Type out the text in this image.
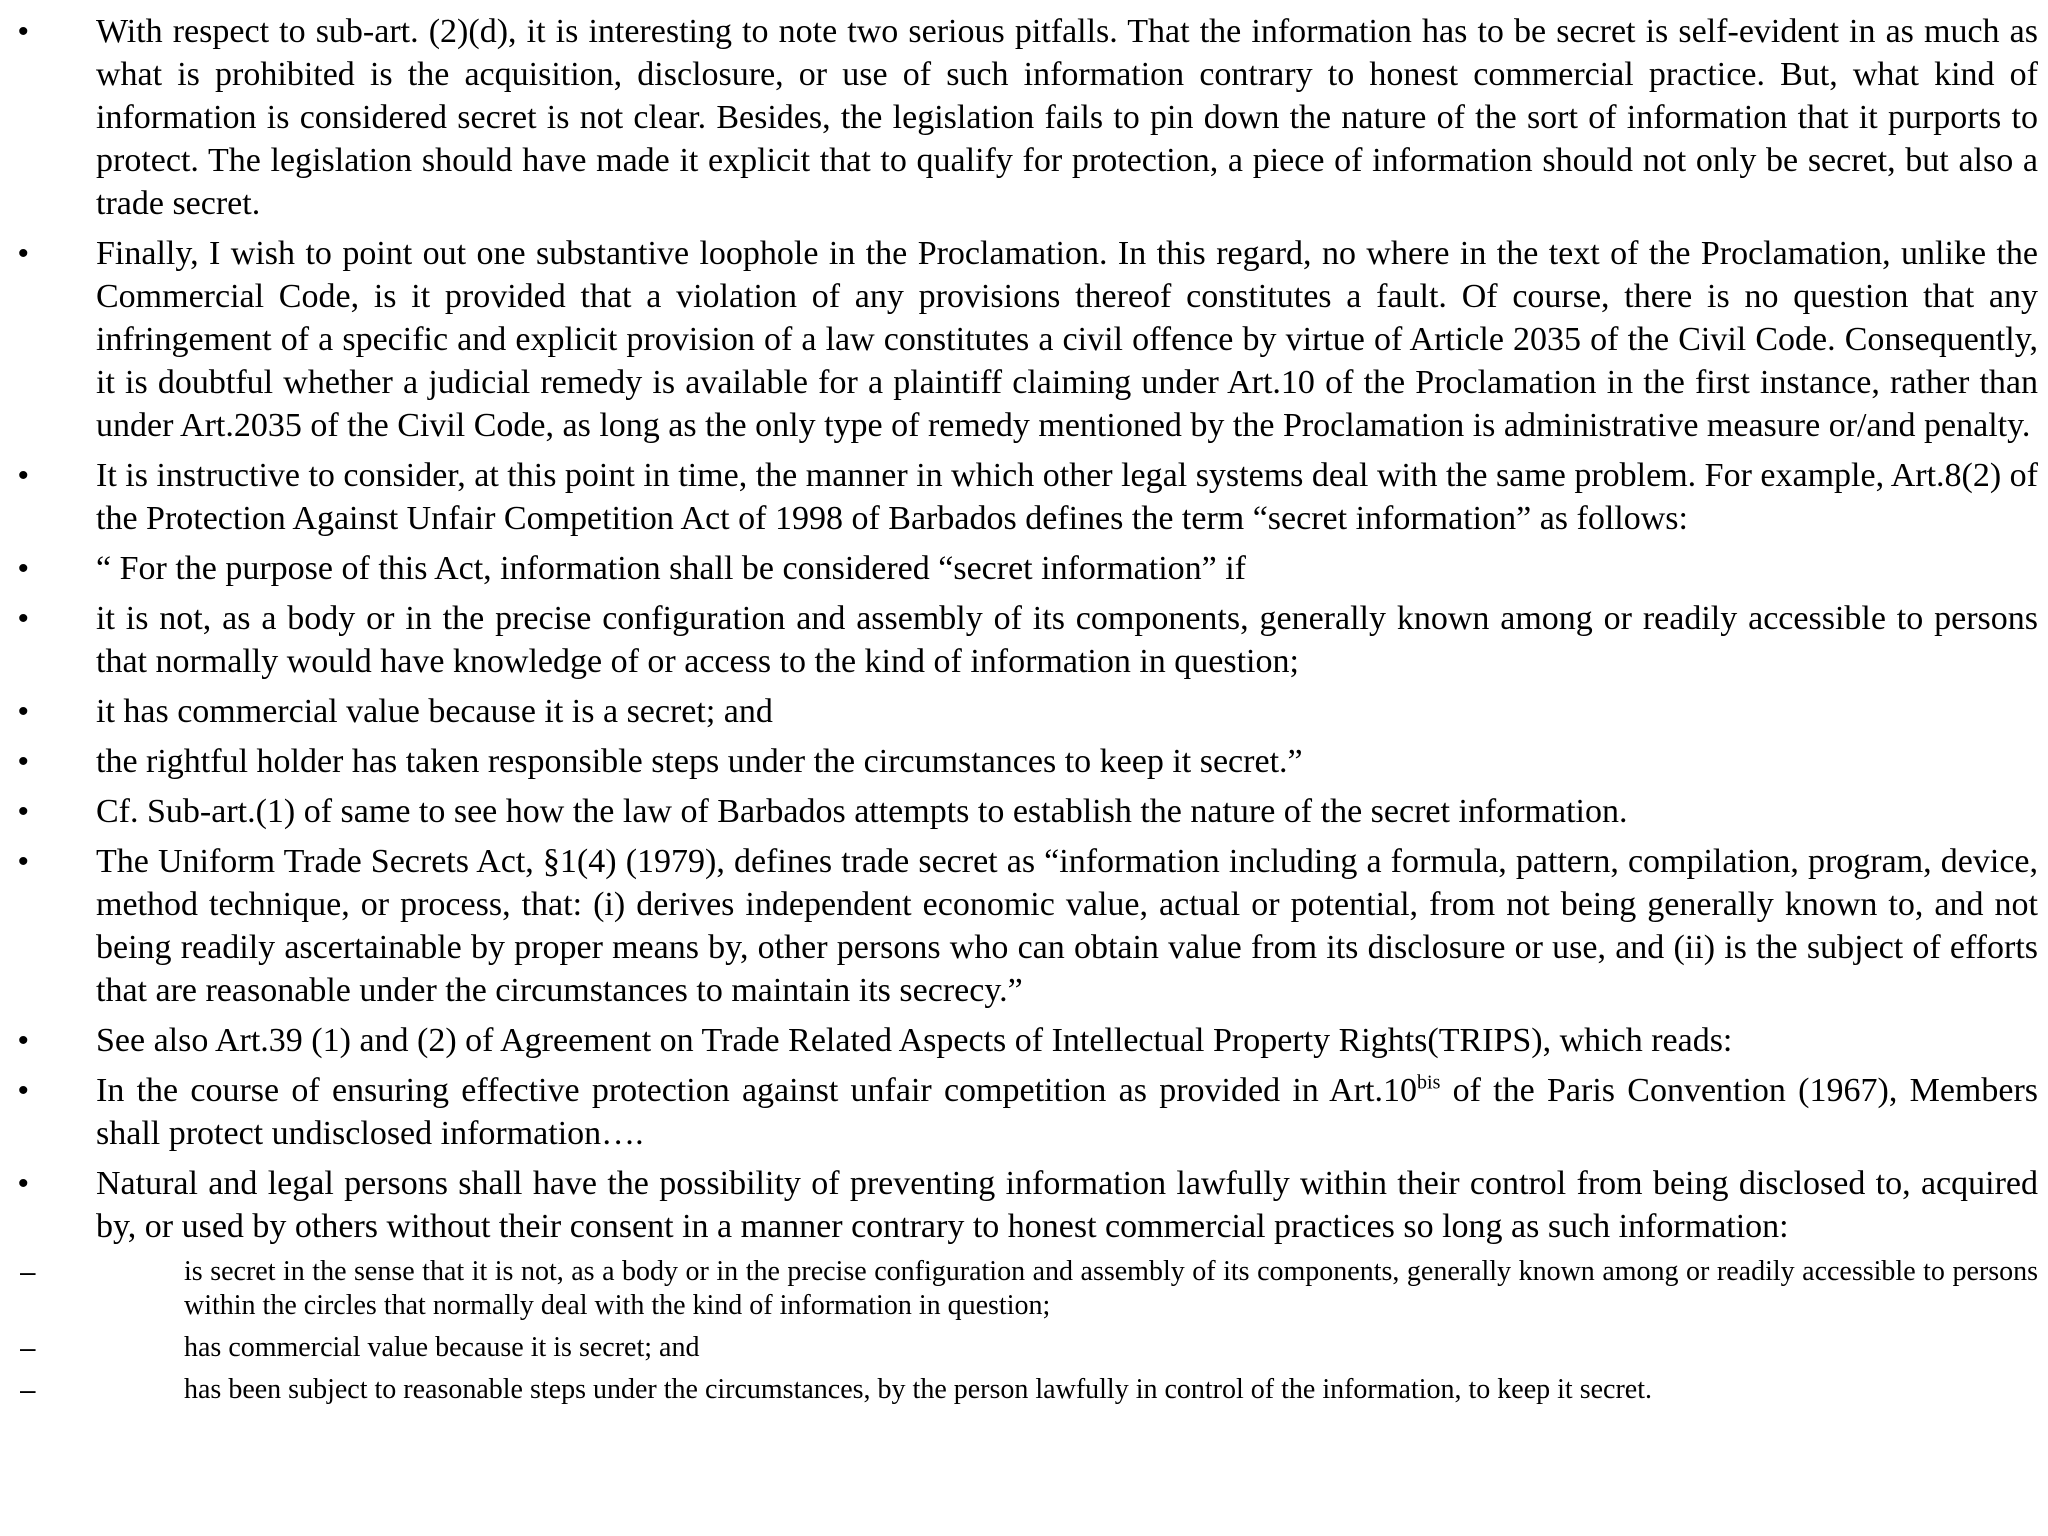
• With respect to sub-art. (2)(d), it is interesting to note two serious pitfalls. That the information has to be secret is self-evident in as much as what is prohibited is the acquisition, disclosure, or use of such information contrary to honest commercial practice. But, what kind of information is considered secret is not clear. Besides, the legislation fails to pin down the nature of the sort of information that it purports to protect. The legislation should have made it explicit that to qualify for protection, a piece of information should not only be secret, but also a trade secret.
• Finally, I wish to point out one substantive loophole in the Proclamation. In this regard, no where in the text of the Proclamation, unlike the Commercial Code, is it provided that a violation of any provisions thereof constitutes a fault. Of course, there is no question that any infringement of a specific and explicit provision of a law constitutes a civil offence by virtue of Article 2035 of the Civil Code. Consequently, it is doubtful whether a judicial remedy is available for a plaintiff claiming under Art.10 of the Proclamation in the first instance, rather than under Art.2035 of the Civil Code, as long as the only type of remedy mentioned by the Proclamation is administrative measure or/and penalty.
• It is instructive to consider, at this point in time, the manner in which other legal systems deal with the same problem. For example, Art.8(2) of the Protection Against Unfair Competition Act of 1998 of Barbados defines the term “secret information” as follows:
• “ For the purpose of this Act, information shall be considered “secret information” if
• it is not, as a body or in the precise configuration and assembly of its components, generally known among or readily accessible to persons that normally would have knowledge of or access to the kind of information in question;
• it has commercial value because it is a secret; and
• the rightful holder has taken responsible steps under the circumstances to keep it secret.”
• Cf. Sub-art.(1) of same to see how the law of Barbados attempts to establish the nature of the secret information.
• The Uniform Trade Secrets Act, §1(4) (1979), defines trade secret as “information including a formula, pattern, compilation, program, device, method technique, or process, that: (i) derives independent economic value, actual or potential, from not being generally known to, and not being readily ascertainable by proper means by, other persons who can obtain value from its disclosure or use, and (ii) is the subject of efforts that are reasonable under the circumstances to maintain its secrecy.”
• See also Art.39 (1) and (2) of Agreement on Trade Related Aspects of Intellectual Property Rights(TRIPS), which reads:
• In the course of ensuring effective protection against unfair competition as provided in $Art.10^{bis}$ of the Paris Convention (1967), Members shall protect undisclosed information….
• Natural and legal persons shall have the possibility of preventing information lawfully within their control from being disclosed to, acquired by, or used by others without their consent in a manner contrary to honest commercial practices so long as such information:
–	is secret in the sense that it is not, as a body or in the precise configuration and assembly of its components, generally known among or readily accessible to persons within the circles that normally deal with the kind of information in question;
–	has commercial value because it is secret; and
–	has been subject to reasonable steps under the circumstances, by the person lawfully in control of the information, to keep it secret.
